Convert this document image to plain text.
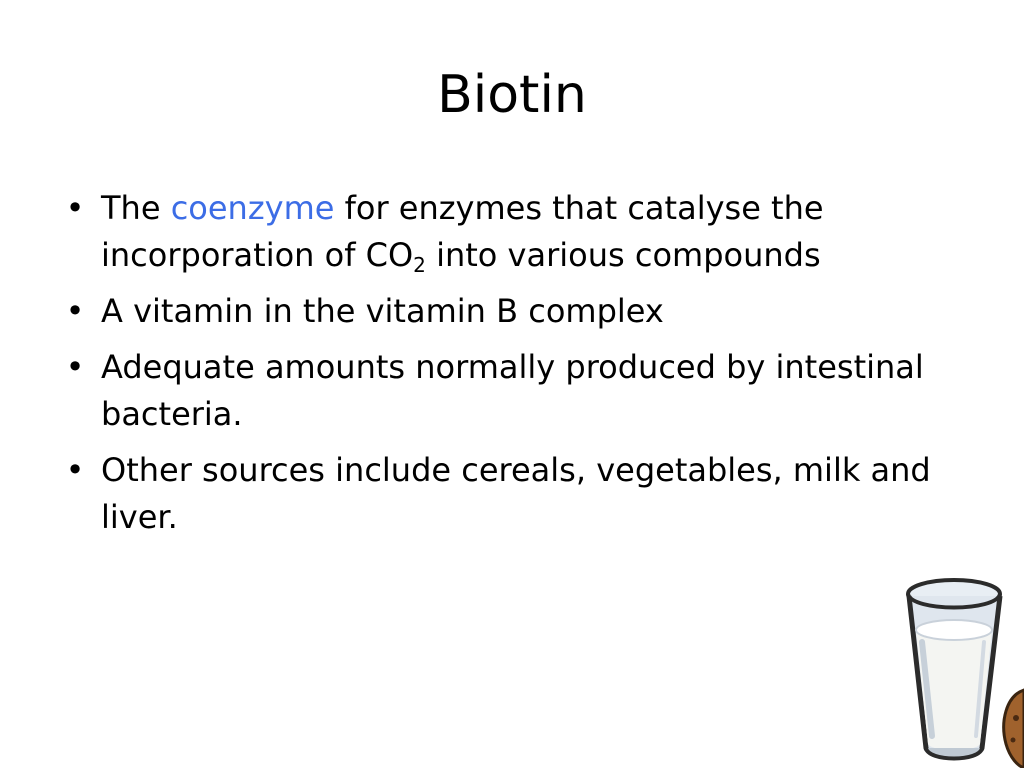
Biotin
• The coenzyme for enzymes that catalyse the incorporation of $CO_2$ into various compounds
• A vitamin in the vitamin B complex
• Adequate amounts normally produced by intestinal bacteria.
• Other sources include cereals, vegetables, milk and liver.
